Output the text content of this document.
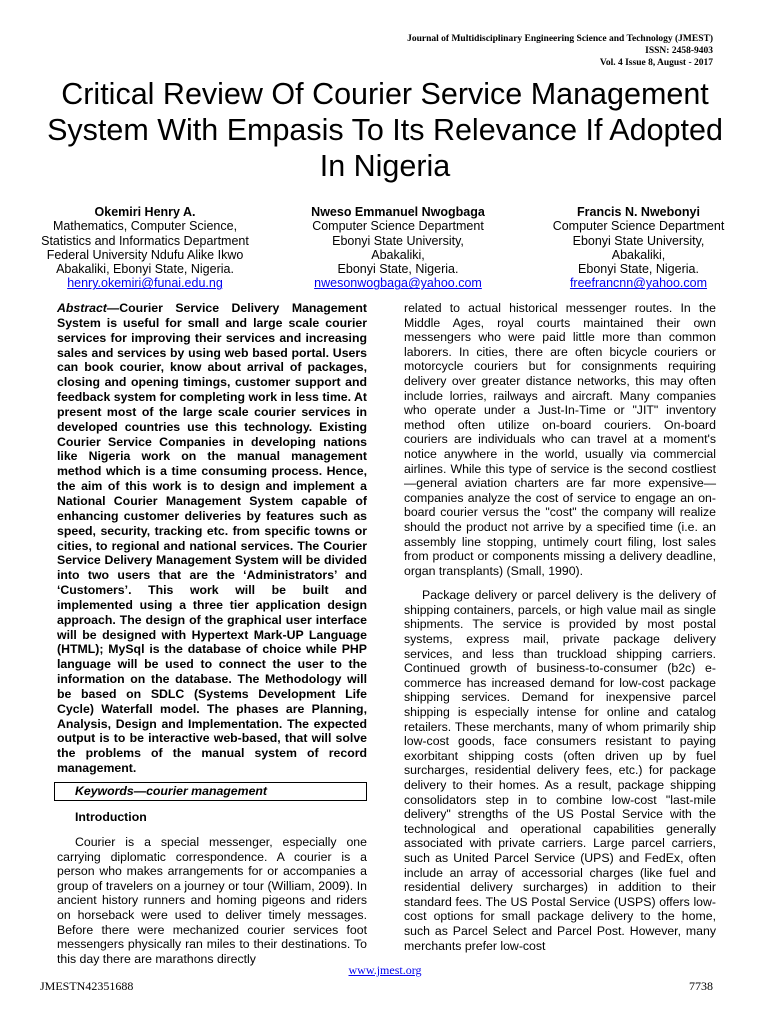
Journal of Multidisciplinary Engineering Science and Technology (JMEST)
ISSN: 2458-9403
Vol. 4 Issue 8, August - 2017
Critical Review Of Courier Service Management System With Empasis To Its Relevance If Adopted In Nigeria
Okemiri Henry A.
Mathematics, Computer Science,
Statistics and Informatics Department
Federal University Ndufu Alike Ikwo
Abakaliki, Ebonyi State, Nigeria.
henry.okemiri@funai.edu.ng
Nweso Emmanuel Nwogbaga
Computer Science Department
Ebonyi State University,
Abakaliki,
Ebonyi State, Nigeria.
nwesonwogbaga@yahoo.com
Francis N. Nwebonyi
Computer Science Department
Ebonyi State University,
Abakaliki,
Ebonyi State, Nigeria.
freefrancnn@yahoo.com

Abstract—Courier Service Delivery Management System is useful for small and large scale courier services for improving their services and increasing sales and services by using web based portal. Users can book courier, know about arrival of packages, closing and opening timings, customer support and feedback system for completing work in less time. At present most of the large scale courier services in developed countries use this technology. Existing Courier Service Companies in developing nations like Nigeria work on the manual management method which is a time consuming process. Hence, the aim of this work is to design and implement a National Courier Management System capable of enhancing customer deliveries by features such as speed, security, tracking etc. from specific towns or cities, to regional and national services. The Courier Service Delivery Management System will be divided into two users that are the ‘Administrators’ and ‘Customers’. This work will be built and implemented using a three tier application design approach. The design of the graphical user interface will be designed with Hypertext Mark-UP Language (HTML); MySql is the database of choice while PHP language will be used to connect the user to the information on the database. The Methodology will be based on SDLC (Systems Development Life Cycle) Waterfall model. The phases are Planning, Analysis, Design and Implementation. The expected output is to be interactive web-based, that will solve the problems of the manual system of record management.

Keywords—courier management
Introduction

Courier is a special messenger, especially one carrying diplomatic correspondence. A courier is a person who makes arrangements for or accompanies a group of travelers on a journey or tour (William, 2009). In ancient history runners and homing pigeons and riders on horseback were used to deliver timely messages. Before there were mechanized courier services foot messengers physically ran miles to their destinations. To this day there are marathons directly

related to actual historical messenger routes. In the Middle Ages, royal courts maintained their own messengers who were paid little more than common laborers. In cities, there are often bicycle couriers or motorcycle couriers but for consignments requiring delivery over greater distance networks, this may often include lorries, railways and aircraft. Many companies who operate under a Just-In-Time or "JIT" inventory method often utilize on-board couriers. On-board couriers are individuals who can travel at a moment's notice anywhere in the world, usually via commercial airlines. While this type of service is the second costliest—general aviation charters are far more expensive—companies analyze the cost of service to engage an on-board courier versus the "cost" the company will realize should the product not arrive by a specified time (i.e. an assembly line stopping, untimely court filing, lost sales from product or components missing a delivery deadline, organ transplants) (Small, 1990).

Package delivery or parcel delivery is the delivery of shipping containers, parcels, or high value mail as single shipments. The service is provided by most postal systems, express mail, private package delivery services, and less than truckload shipping carriers. Continued growth of business-to-consumer (b2c) e-commerce has increased demand for low-cost package shipping services. Demand for inexpensive parcel shipping is especially intense for online and catalog retailers. These merchants, many of whom primarily ship low-cost goods, face consumers resistant to paying exorbitant shipping costs (often driven up by fuel surcharges, residential delivery fees, etc.) for package delivery to their homes. As a result, package shipping consolidators step in to combine low-cost "last-mile delivery" strengths of the US Postal Service with the technological and operational capabilities generally associated with private carriers. Large parcel carriers, such as United Parcel Service (UPS) and FedEx, often include an array of accessorial charges (like fuel and residential delivery surcharges) in addition to their standard fees. The US Postal Service (USPS) offers low-cost options for small package delivery to the home, such as Parcel Select and Parcel Post. However, many merchants prefer low-cost

www.jmest.org
JMESTN42351688	7738
